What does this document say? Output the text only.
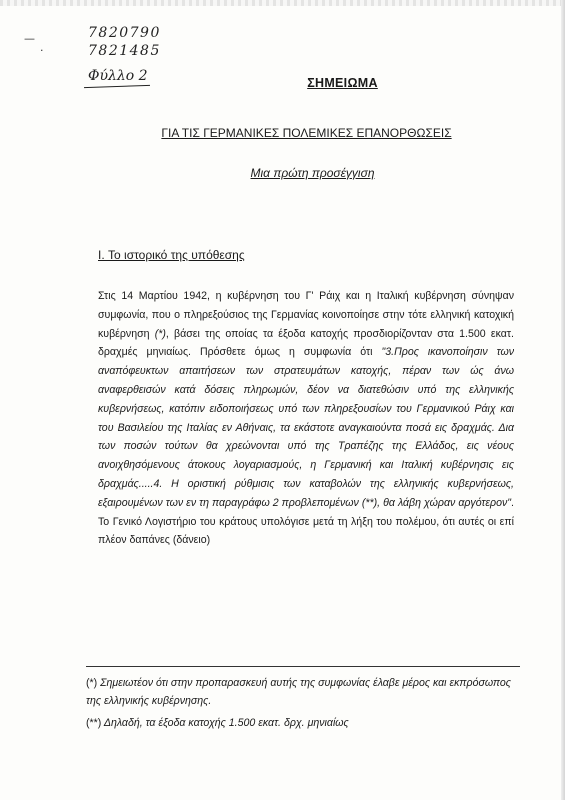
—
·
7820790
7821485
Φύλλο 2	ΣΗΜΕΙΩΜΑ
ΓΙΑ ΤΙΣ ΓΕΡΜΑΝΙΚΕΣ ΠΟΛΕΜΙΚΕΣ ΕΠΑΝΟΡΘΩΣΕΙΣ
Μια πρώτη προσέγγιση
I. Το ιστορικό της υπόθεσης
Στις 14 Μαρτίου 1942, η κυβέρνηση του Γ' Ράιχ και η Ιταλική κυβέρνηση σύνηψαν συμφωνία, που ο πληρεξούσιος της Γερμανίας κοινοποίησε στην τότε ελληνική κατοχική κυβέρνηση (*), βάσει της οποίας τα έξοδα κατοχής προσδιορίζονταν στα 1.500 εκατ. δραχμές μηνιαίως. Πρόσθετε όμως η συμφωνία ότι "3.Προς ικανοποίησιν των αναπόφευκτων απαιτήσεων των στρατευμάτων κατοχής, πέραν των ώς άνω αναφερθεισών κατά δόσεις πληρωμών, δέον να διατεθώσιν υπό της ελληνικής κυβερνήσεως, κατόπιν ειδοποιήσεως υπό των πληρεξουσίων του Γερμανικού Ράιχ και του Βασιλείου της Ιταλίας εν Αθήναις, τα εκάστοτε αναγκαιούντα ποσά εις δραχμάς. Δια των ποσών τούτων θα χρεώνονται υπό της Τραπέζης της Ελλάδος, εις νέους ανοιχθησόμενους άτοκους λογαριασμούς, η Γερμανική και Ιταλική κυβέρνησις εις δραχμάς.....4. Η οριστική ρύθμισις των καταβολών της ελληνικής κυβερνήσεως, εξαιρουμένων των εν τη παραγράφω 2 προβλεπομένων (**), θα λάβη χώραν αργότερον". Το Γενικό Λογιστήριο του κράτους υπολόγισε μετά τη λήξη του πολέμου, ότι αυτές οι επί πλέον δαπάνες (δάνειο)

(*) Σημειωτέον ότι στην προπαρασκευή αυτής της συμφωνίας έλαβε μέρος και εκπρόσωπος της ελληνικής κυβέρνησης.

(**) Δηλαδή, τα έξοδα κατοχής 1.500 εκατ. δρχ. μηνιαίως
